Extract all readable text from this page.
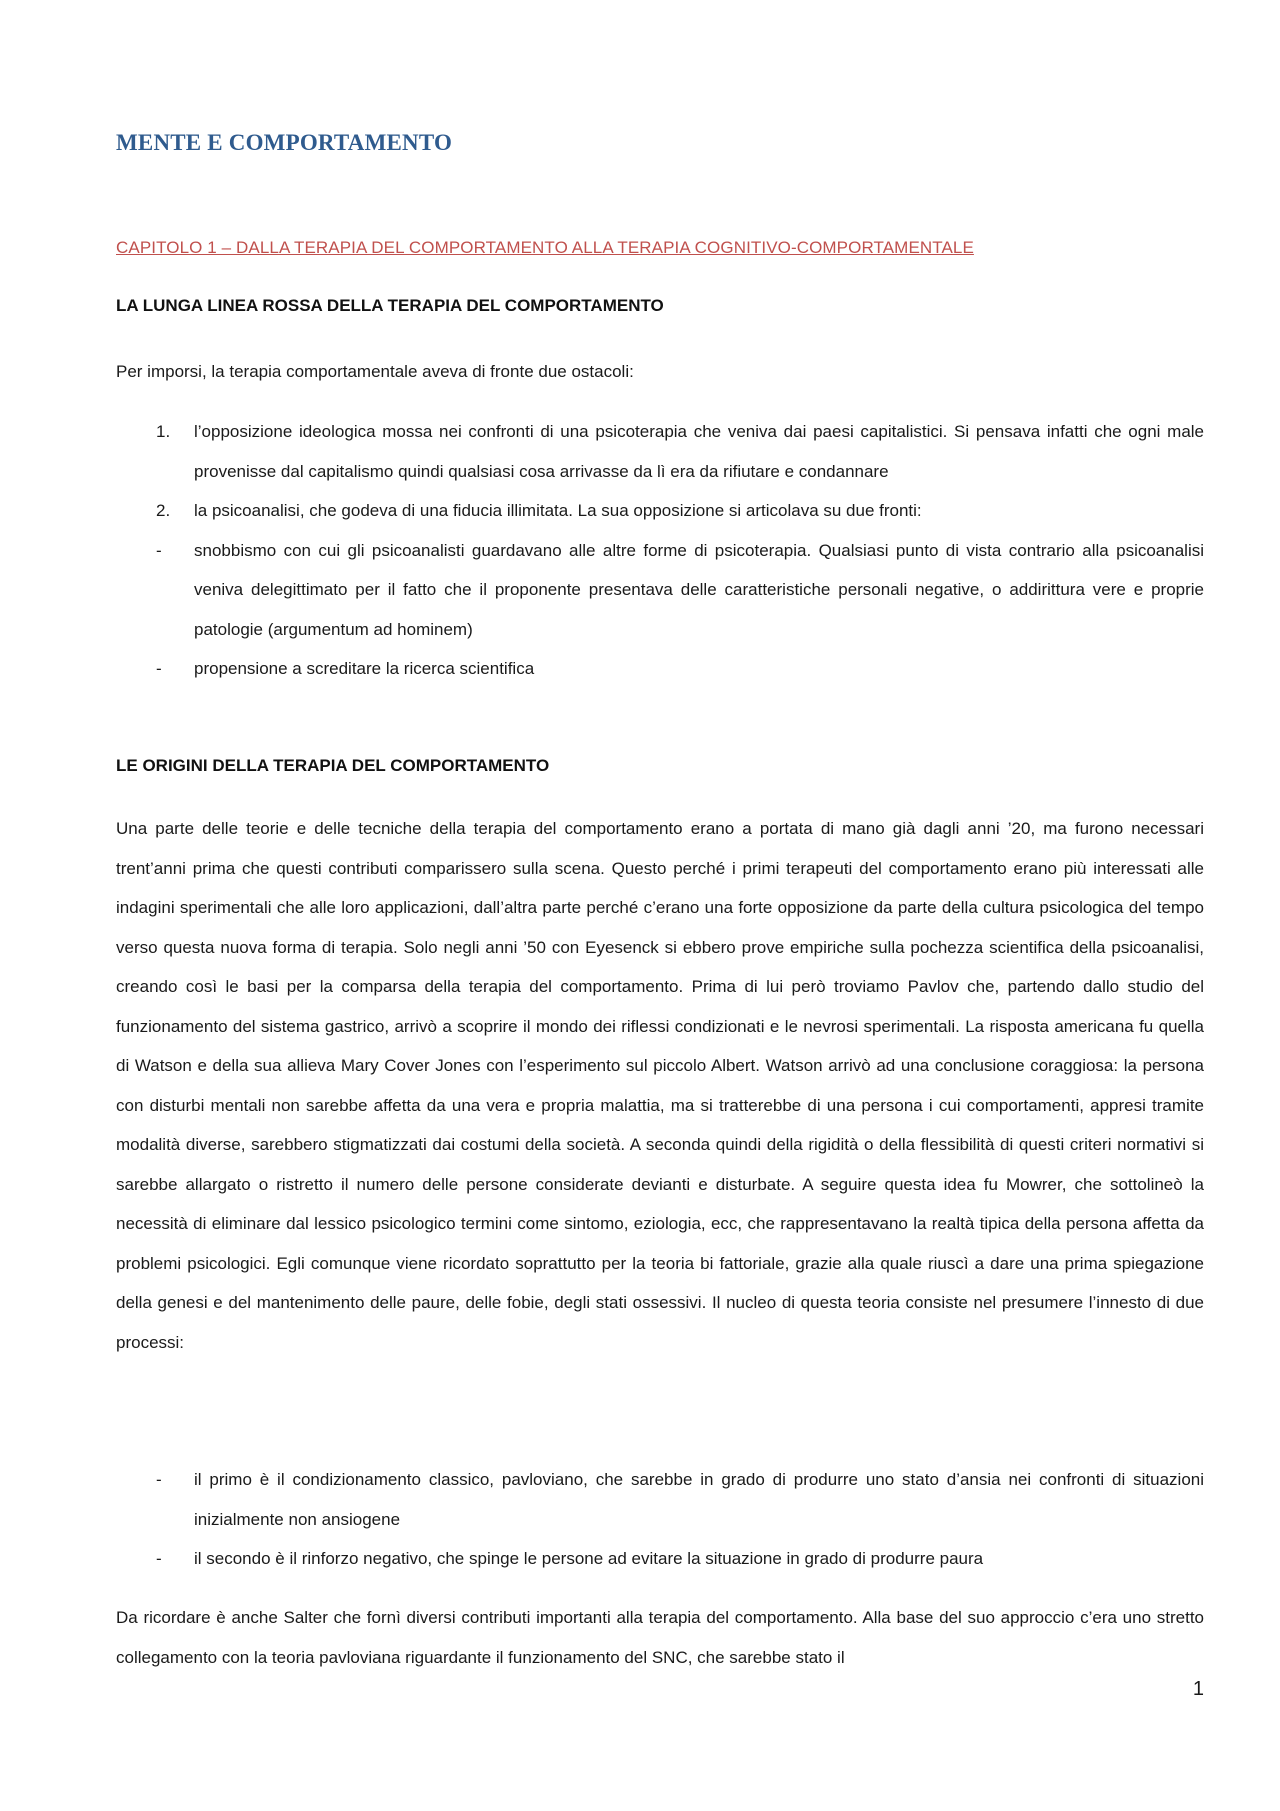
MENTE E COMPORTAMENTO
CAPITOLO 1 – DALLA TERAPIA DEL COMPORTAMENTO ALLA TERAPIA COGNITIVO-COMPORTAMENTALE
LA LUNGA LINEA ROSSA DELLA TERAPIA DEL COMPORTAMENTO

Per imporsi, la terapia comportamentale aveva di fronte due ostacoli:

1. l’opposizione ideologica mossa nei confronti di una psicoterapia che veniva dai paesi capitalistici. Si pensava infatti che ogni male provenisse dal capitalismo quindi qualsiasi cosa arrivasse da lì era da rifiutare e condannare
2. la psicoanalisi, che godeva di una fiducia illimitata. La sua opposizione si articolava su due fronti:
- snobbismo con cui gli psicoanalisti guardavano alle altre forme di psicoterapia. Qualsiasi punto di vista contrario alla psicoanalisi veniva delegittimato per il fatto che il proponente presentava delle caratteristiche personali negative, o addirittura vere e proprie patologie (argumentum ad hominem)
- propensione a screditare la ricerca scientifica
LE ORIGINI DELLA TERAPIA DEL COMPORTAMENTO

Una parte delle teorie e delle tecniche della terapia del comportamento erano a portata di mano già dagli anni ’20, ma furono necessari trent’anni prima che questi contributi comparissero sulla scena. Questo perché i primi terapeuti del comportamento erano più interessati alle indagini sperimentali che alle loro applicazioni, dall’altra parte perché c’erano una forte opposizione da parte della cultura psicologica del tempo verso questa nuova forma di terapia. Solo negli anni ’50 con Eyesenck si ebbero prove empiriche sulla pochezza scientifica della psicoanalisi, creando così le basi per la comparsa della terapia del comportamento. Prima di lui però troviamo Pavlov che, partendo dallo studio del funzionamento del sistema gastrico, arrivò a scoprire il mondo dei riflessi condizionati e le nevrosi sperimentali. La risposta americana fu quella di Watson e della sua allieva Mary Cover Jones con l’esperimento sul piccolo Albert. Watson arrivò ad una conclusione coraggiosa: la persona con disturbi mentali non sarebbe affetta da una vera e propria malattia, ma si tratterebbe di una persona i cui comportamenti, appresi tramite modalità diverse, sarebbero stigmatizzati dai costumi della società. A seconda quindi della rigidità o della flessibilità di questi criteri normativi si sarebbe allargato o ristretto il numero delle persone considerate devianti e disturbate. A seguire questa idea fu Mowrer, che sottolineò la necessità di eliminare dal lessico psicologico termini come sintomo, eziologia, ecc, che rappresentavano la realtà tipica della persona affetta da problemi psicologici. Egli comunque viene ricordato soprattutto per la teoria bi fattoriale, grazie alla quale riuscì a dare una prima spiegazione della genesi e del mantenimento delle paure, delle fobie, degli stati ossessivi. Il nucleo di questa teoria consiste nel presumere l’innesto di due processi:

- il primo è il condizionamento classico, pavloviano, che sarebbe in grado di produrre uno stato d’ansia nei confronti di situazioni inizialmente non ansiogene
- il secondo è il rinforzo negativo, che spinge le persone ad evitare la situazione in grado di produrre paura

Da ricordare è anche Salter che fornì diversi contributi importanti alla terapia del comportamento. Alla base del suo approccio c’era uno stretto collegamento con la teoria pavloviana riguardante il funzionamento del SNC, che sarebbe stato il

1
